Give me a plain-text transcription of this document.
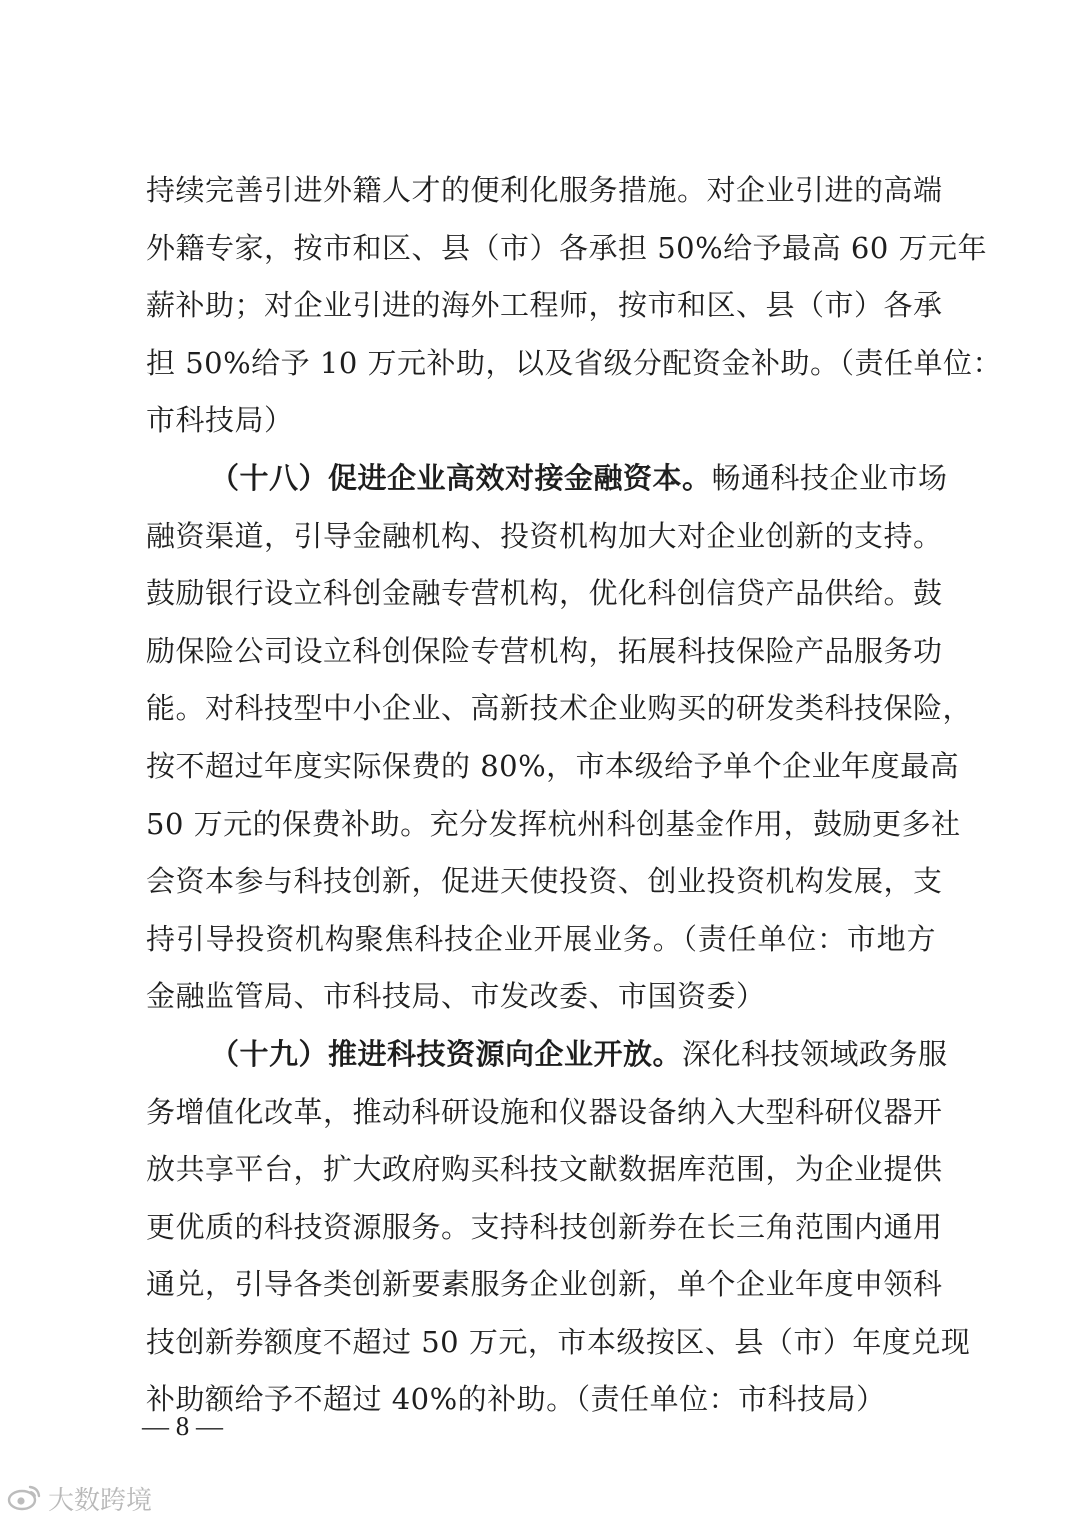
持续完善引进外籍人才的便利化服务措施。对企业引进的高端
外籍专家，按市和区、县（市）各承担 50%给予最高 60 万元年
薪补助；对企业引进的海外工程师，按市和区、县（市）各承
担 50%给予 10 万元补助，以及省级分配资金补助。（责任单位：
市科技局）
（十八）促进企业高效对接金融资本。畅通科技企业市场
融资渠道，引导金融机构、投资机构加大对企业创新的支持。
鼓励银行设立科创金融专营机构，优化科创信贷产品供给。鼓
励保险公司设立科创保险专营机构，拓展科技保险产品服务功
能。对科技型中小企业、高新技术企业购买的研发类科技保险，
按不超过年度实际保费的 80%，市本级给予单个企业年度最高
50 万元的保费补助。充分发挥杭州科创基金作用，鼓励更多社
会资本参与科技创新，促进天使投资、创业投资机构发展，支
持引导投资机构聚焦科技企业开展业务。（责任单位：市地方
金融监管局、市科技局、市发改委、市国资委）
（十九）推进科技资源向企业开放。深化科技领域政务服
务增值化改革，推动科研设施和仪器设备纳入大型科研仪器开
放共享平台，扩大政府购买科技文献数据库范围，为企业提供
更优质的科技资源服务。支持科技创新券在长三角范围内通用
通兑，引导各类创新要素服务企业创新，单个企业年度申领科
技创新券额度不超过 50 万元，市本级按区、县（市）年度兑现
补助额给予不超过 40%的补助。（责任单位：市科技局）
— 8 —
大数跨境
